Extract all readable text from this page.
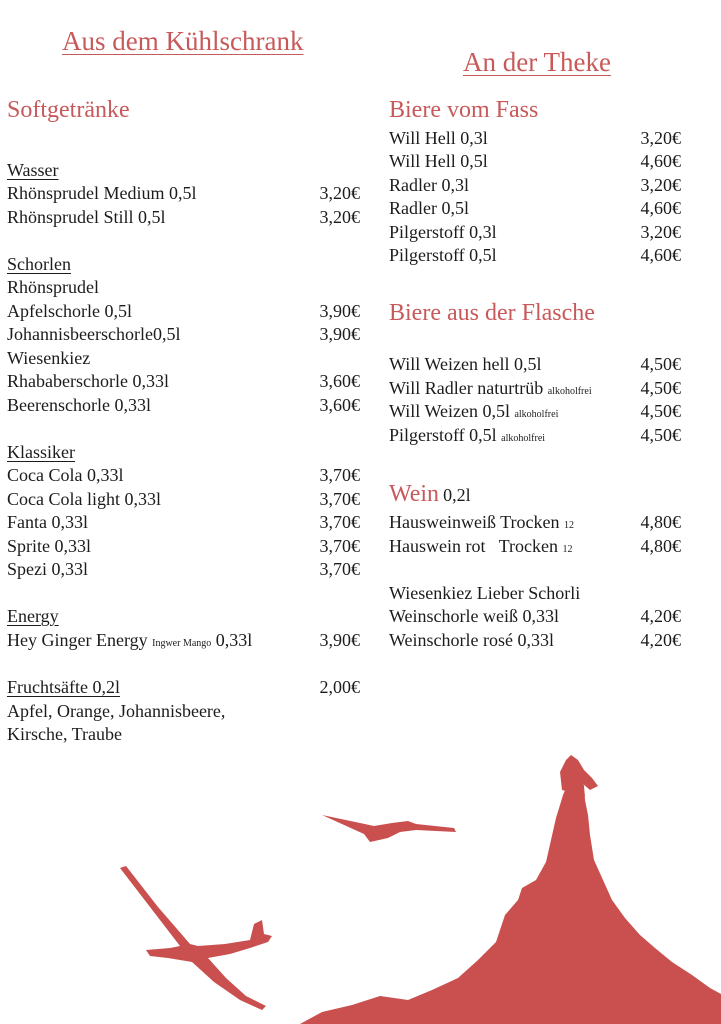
Aus dem Kühlschrank
Softgetränke
Wasser
Rhönsprudel Medium 0,5l	3,20€
Rhönsprudel Still 0,5l	3,20€
Schorlen
Rhönsprudel
Apfelschorle 0,5l	3,90€
Johannisbeerschorle0,5l	3,90€
Wiesenkiez
Rhababerschorle 0,33l	3,60€
Beerenschorle 0,33l	3,60€
Klassiker
Coca Cola 0,33l	3,70€
Coca Cola light 0,33l	3,70€
Fanta 0,33l	3,70€
Sprite 0,33l	3,70€
Spezi 0,33l	3,70€
Energy
Hey Ginger Energy Ingwer Mango 0,33l	3,90€
Fruchtsäfte 0,2l	2,00€
Apfel, Orange, Johannisbeere,
Kirsche, Traube
An der Theke
Biere vom Fass
Will Hell 0,3l	3,20€
Will Hell 0,5l	4,60€
Radler 0,3l	3,20€
Radler 0,5l	4,60€
Pilgerstoff 0,3l	3,20€
Pilgerstoff 0,5l	4,60€
Biere aus der Flasche
Will Weizen hell 0,5l	4,50€
Will Radler naturtrüb alkoholfrei	4,50€
Will Weizen 0,5l alkoholfrei	4,50€
Pilgerstoff 0,5l alkoholfrei	4,50€
Wein 0,2l
Hausweinweiß Trocken 12	4,80€
Hauswein rot   Trocken 12	4,80€
Wiesenkiez Lieber Schorli
Weinschorle weiß 0,33l	4,20€
Weinschorle rosé 0,33l	4,20€
